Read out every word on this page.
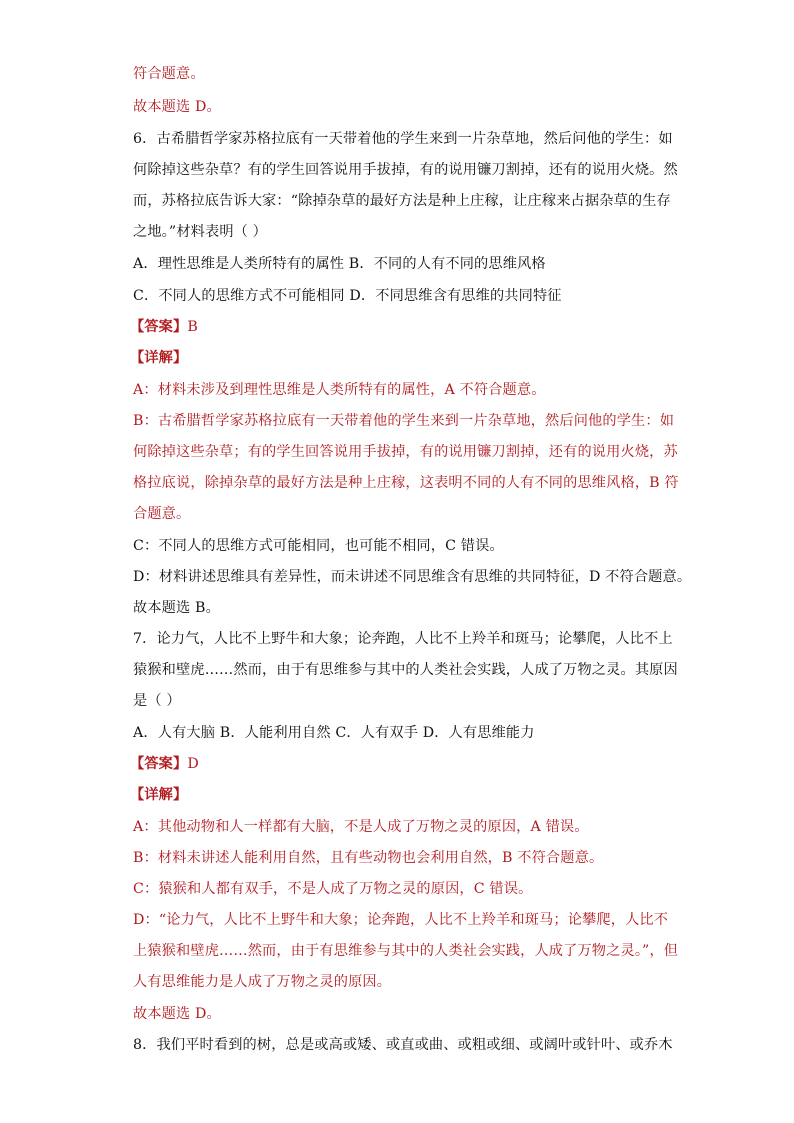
符合题意。
故本题选 D。
6．古希腊哲学家苏格拉底有一天带着他的学生来到一片杂草地，然后问他的学生：如
何除掉这些杂草？有的学生回答说用手拔掉，有的说用镰刀割掉，还有的说用火烧。然
而，苏格拉底告诉大家：“除掉杂草的最好方法是种上庄稼，让庄稼来占据杂草的生存
之地。”材料表明（ ）
A．理性思维是人类所特有的属性 B．不同的人有不同的思维风格
C．不同人的思维方式不可能相同 D．不同思维含有思维的共同特征
【答案】B
【详解】
A：材料未涉及到理性思维是人类所特有的属性，A 不符合题意。
B：古希腊哲学家苏格拉底有一天带着他的学生来到一片杂草地，然后问他的学生：如
何除掉这些杂草；有的学生回答说用手拔掉，有的说用镰刀割掉，还有的说用火烧，苏
格拉底说，除掉杂草的最好方法是种上庄稼，这表明不同的人有不同的思维风格，B 符
合题意。
C：不同人的思维方式可能相同，也可能不相同，C 错误。
D：材料讲述思维具有差异性，而未讲述不同思维含有思维的共同特征，D 不符合题意。
故本题选 B。
7．论力气，人比不上野牛和大象；论奔跑，人比不上羚羊和斑马；论攀爬，人比不上
猿猴和壁虎……然而，由于有思维参与其中的人类社会实践，人成了万物之灵。其原因
是（ ）
A．人有大脑 B．人能利用自然 C．人有双手 D．人有思维能力
【答案】D
【详解】
A：其他动物和人一样都有大脑，不是人成了万物之灵的原因，A 错误。
B：材料未讲述人能利用自然，且有些动物也会利用自然，B 不符合题意。
C：猿猴和人都有双手，不是人成了万物之灵的原因，C 错误。
D：“论力气，人比不上野牛和大象；论奔跑，人比不上羚羊和斑马；论攀爬，人比不
上猿猴和壁虎……然而，由于有思维参与其中的人类社会实践，人成了万物之灵。”，但
人有思维能力是人成了万物之灵的原因。
故本题选 D。
8．我们平时看到的树，总是或高或矮、或直或曲、或粗或细、或阔叶或针叶、或乔木
